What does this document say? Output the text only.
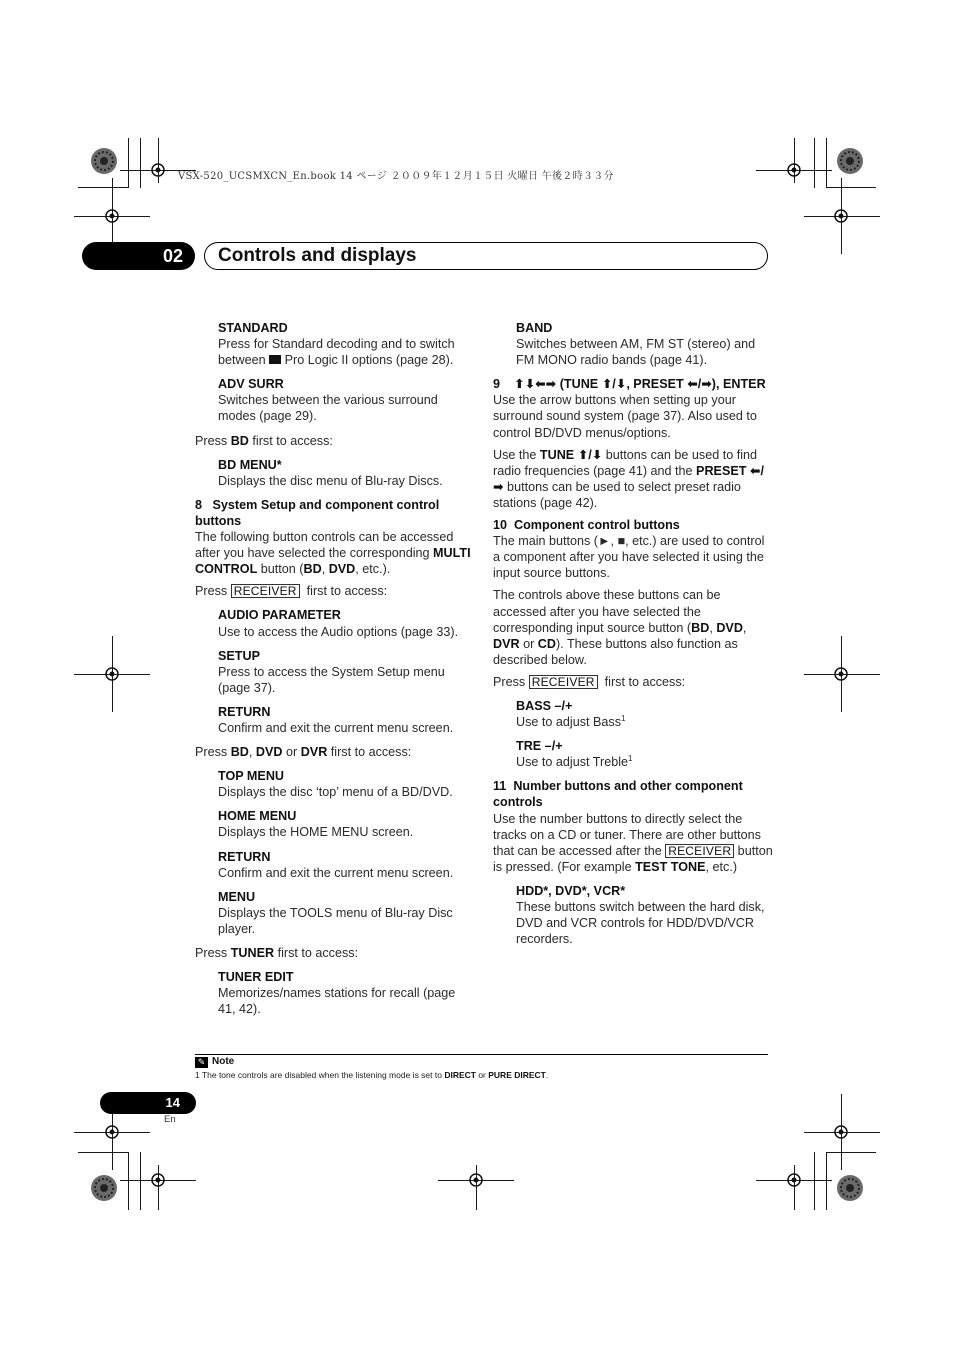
VSX-520_UCSMXCN_En.book 14 ページ ２００９年１２月１５日 火曜日 午後２時３３分
02	Controls and displays
STANDARD
Press for Standard decoding and to switch between DD Pro Logic II options (page 28).
ADV SURR
Switches between the various surround modes (page 29).
Press BD first to access:
BD MENU*
Displays the disc menu of Blu-ray Discs.
8 System Setup and component control buttons
The following button controls can be accessed after you have selected the corresponding MULTI CONTROL button (BD, DVD, etc.).
Press RECEIVER  first to access:
AUDIO PARAMETER
Use to access the Audio options (page 33).
SETUP
Press to access the System Setup menu (page 37).
RETURN
Confirm and exit the current menu screen.
Press BD, DVD or DVR first to access:
TOP MENU
Displays the disc ‘top’ menu of a BD/DVD.
HOME MENU
Displays the HOME MENU screen.
RETURN
Confirm and exit the current menu screen.
MENU
Displays the TOOLS menu of Blu-ray Disc player.
Press TUNER first to access:
TUNER EDIT
Memorizes/names stations for recall (page 41, 42).
BAND
Switches between AM, FM ST (stereo) and FM MONO radio bands (page 41).
9 ⬆⬇⬅➡ (TUNE ⬆/⬇, PRESET ⬅/➡), ENTER
Use the arrow buttons when setting up your surround sound system (page 37). Also used to control BD/DVD menus/options.
Use the TUNE ⬆/⬇ buttons can be used to find radio frequencies (page 41) and the PRESET ⬅/➡ buttons can be used to select preset radio stations (page 42).
10 Component control buttons
The main buttons (►, ■, etc.) are used to control a component after you have selected it using the input source buttons.
The controls above these buttons can be accessed after you have selected the corresponding input source button (BD, DVD, DVR or CD). These buttons also function as described below.
Press RECEIVER  first to access:
BASS –/+
Use to adjust Bass$^1$
TRE –/+
Use to adjust Treble$^1$
11 Number buttons and other component controls
Use the number buttons to directly select the tracks on a CD or tuner. There are other buttons that can be accessed after the RECEIVER button is pressed. (For example TEST TONE, etc.)
HDD*, DVD*, VCR*
These buttons switch between the hard disk, DVD and VCR controls for HDD/DVD/VCR recorders.
✎ Note
1 The tone controls are disabled when the listening mode is set to DIRECT or PURE DIRECT.
14
En
